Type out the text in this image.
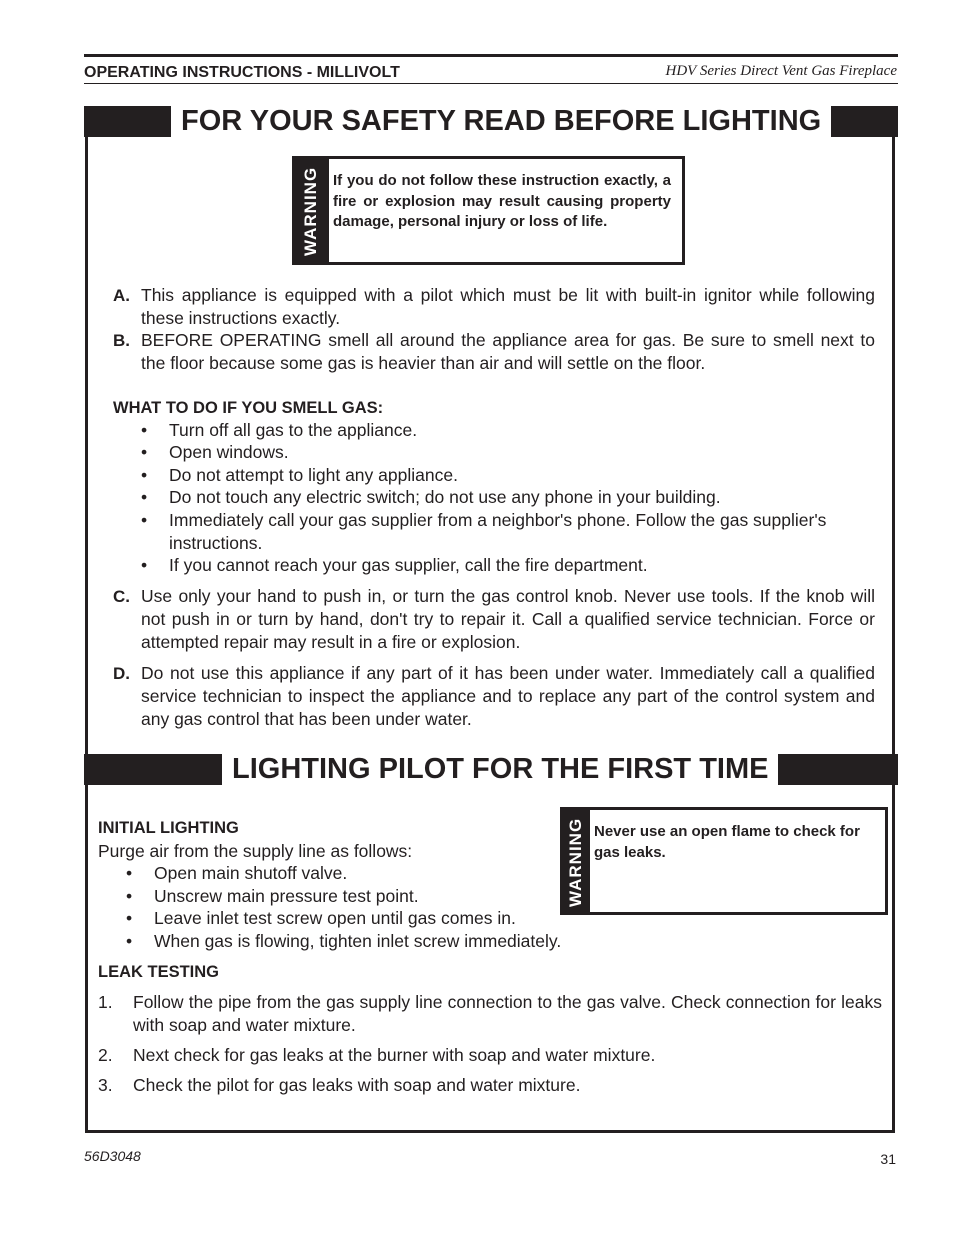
OPERATING INSTRUCTIONS - MILLIVOLT	HDV Series Direct Vent Gas Fireplace
FOR YOUR SAFETY READ BEFORE LIGHTING
WARNING If you do not follow these instruction exactly, a fire or explosion may result causing property damage, personal injury or loss of life.
A. This appliance is equipped with a pilot which must be lit with built-in ignitor while following these instructions exactly.
B. BEFORE OPERATING smell all around the appliance area for gas. Be sure to smell next to the floor because some gas is heavier than air and will settle on the floor.
WHAT TO DO IF YOU SMELL GAS:
• Turn off all gas to the appliance.
• Open windows.
• Do not attempt to light any appliance.
• Do not touch any electric switch; do not use any phone in your building.
• Immediately call your gas supplier from a neighbor's phone. Follow the gas supplier's instructions.
• If you cannot reach your gas supplier, call the fire department.
C. Use only your hand to push in, or turn the gas control knob. Never use tools. If the knob will not push in or turn by hand, don't try to repair it. Call a qualified service technician. Force or attempted repair may result in a fire or explosion.
D. Do not use this appliance if any part of it has been under water. Immediately call a qualified service technician to inspect the appliance and to replace any part of the control system and any gas control that has been under water.
LIGHTING PILOT FOR THE FIRST TIME
INITIAL LIGHTING
Purge air from the supply line as follows:
• Open main shutoff valve.
• Unscrew main pressure test point.
• Leave inlet test screw open until gas comes in.
• When gas is flowing, tighten inlet screw immediately.
WARNING Never use an open flame to check for gas leaks.
LEAK TESTING
1. Follow the pipe from the gas supply line connection to the gas valve. Check connection for leaks with soap and water mixture.
2. Next check for gas leaks at the burner with soap and water mixture.
3. Check the pilot for gas leaks with soap and water mixture.
56D3048	31
